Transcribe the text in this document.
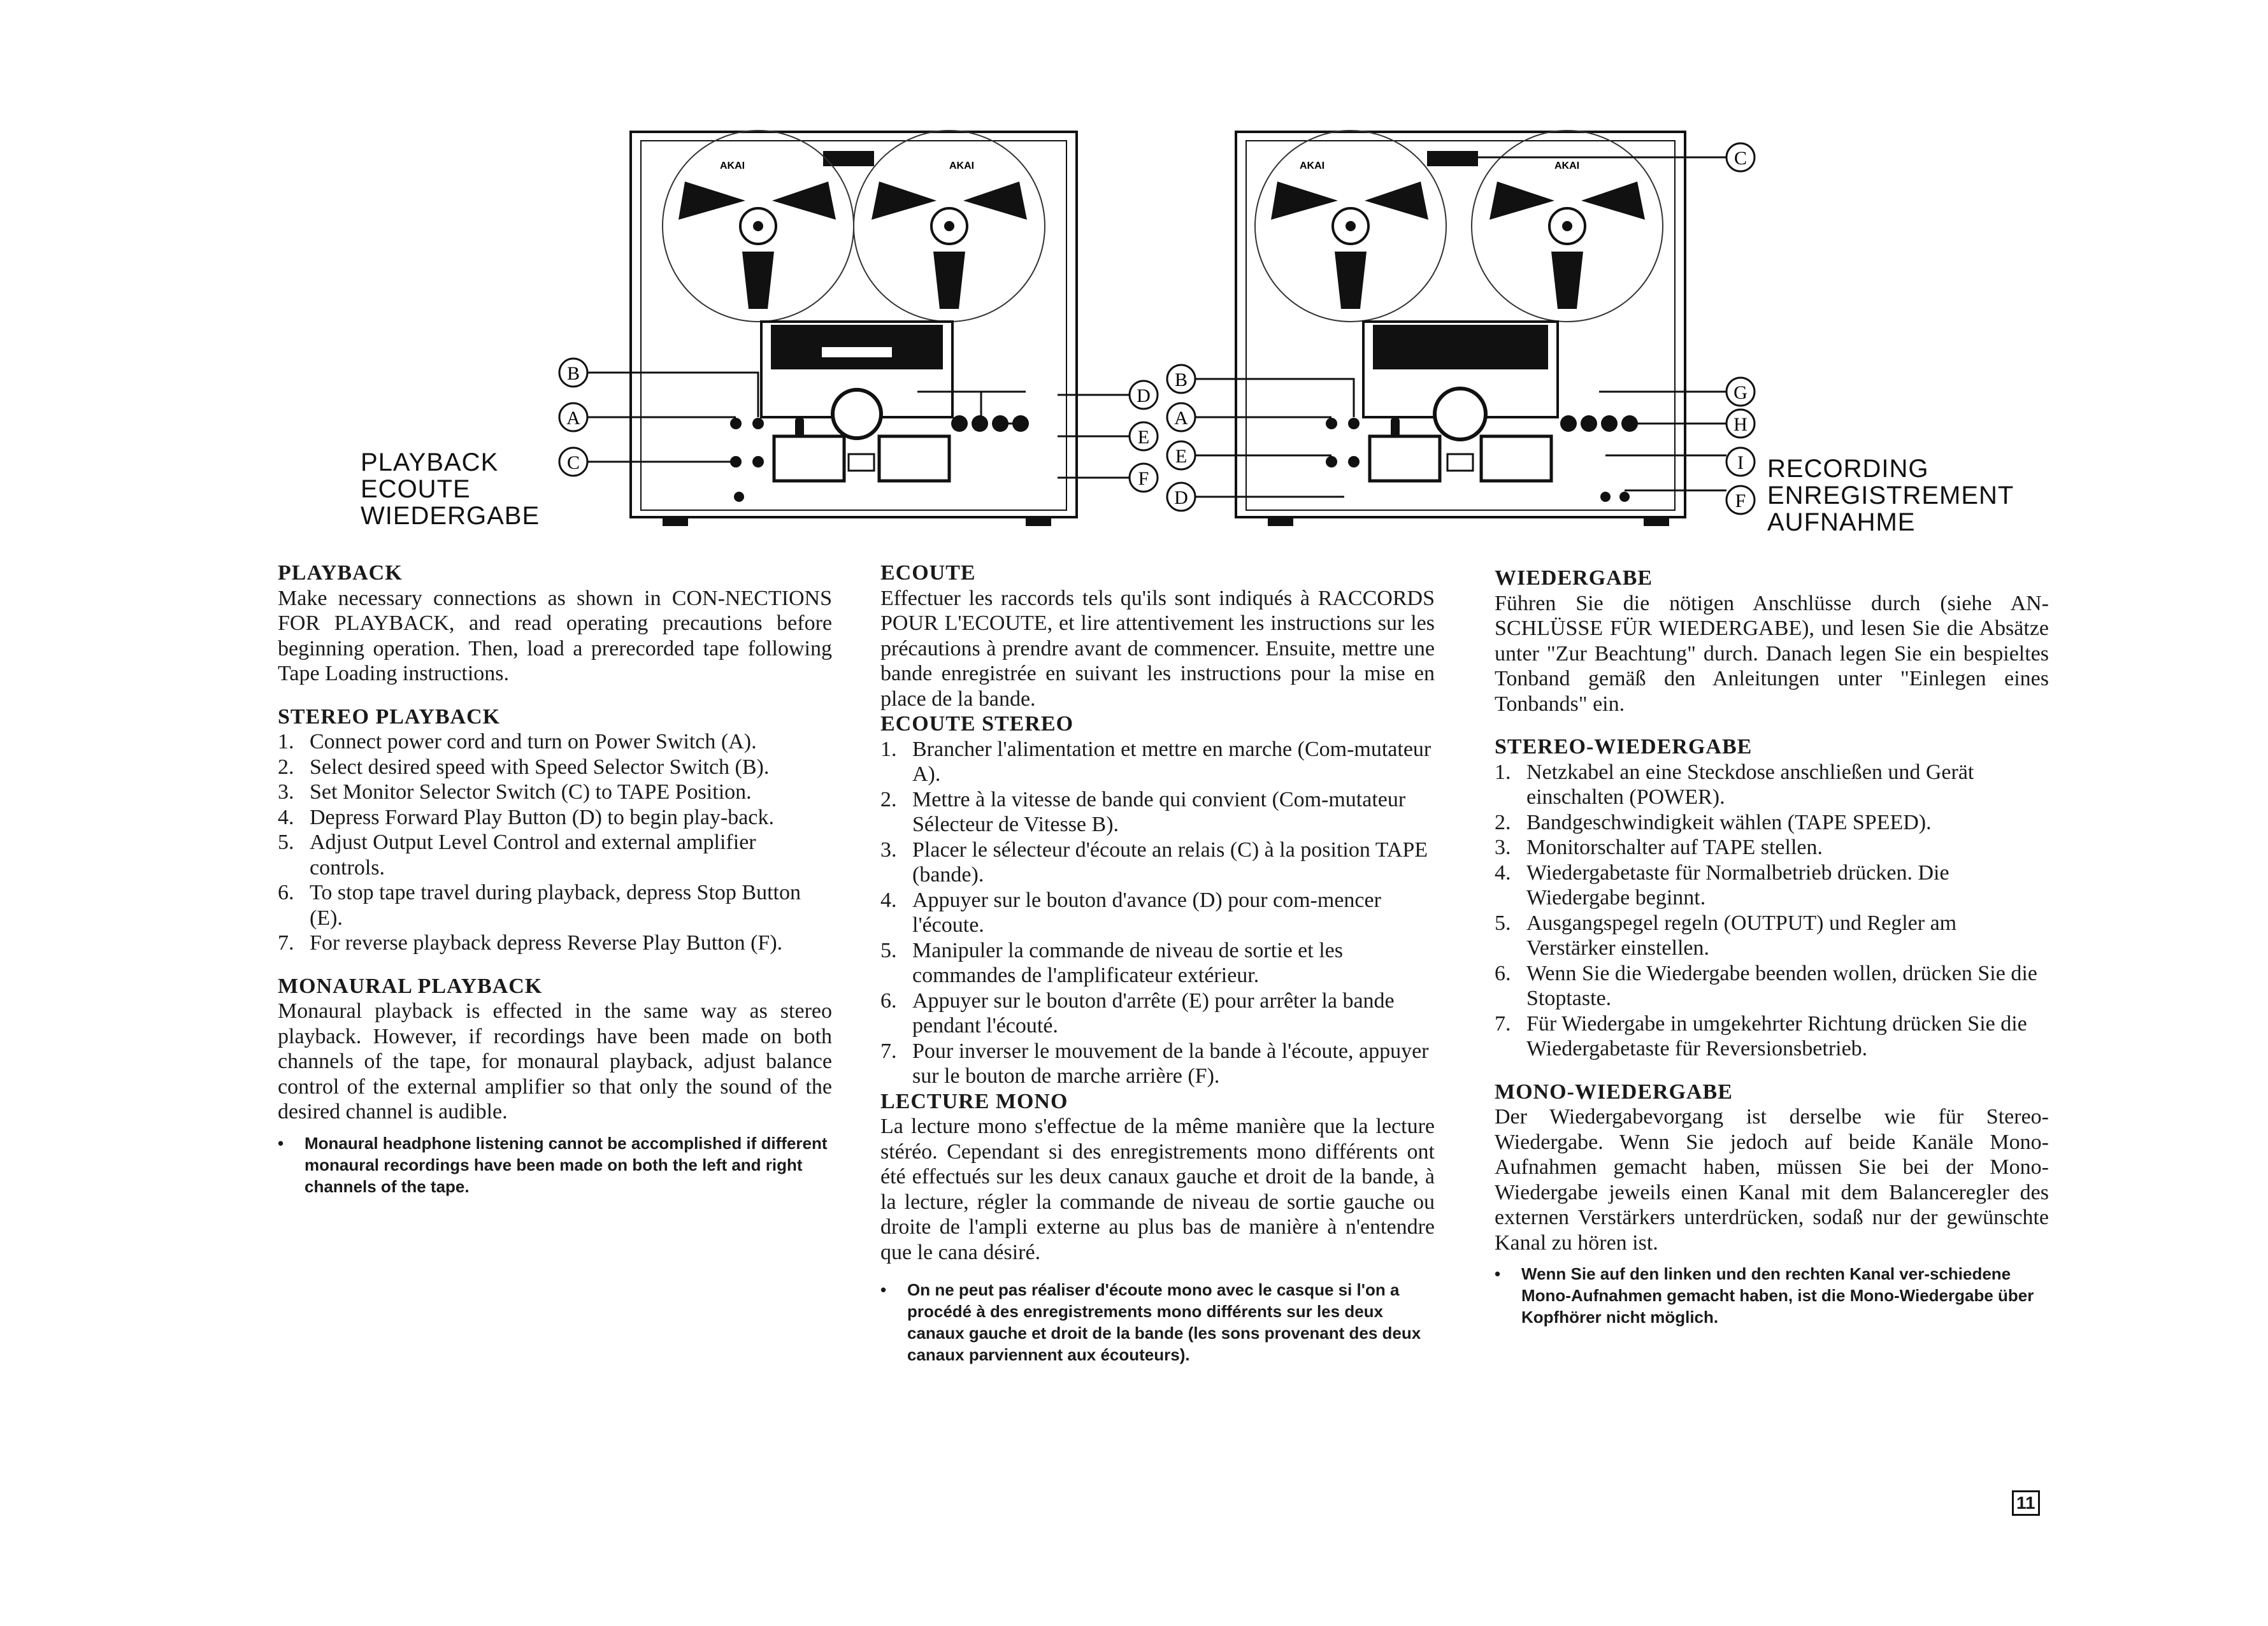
PLAYBACK
ECOUTE
WIEDERGABE
RECORDING
ENREGISTREMENT
AUFNAHME
AKAI	AKAI
B
A
C
D
E
F
AKAI	AKAI	C
B
A
E
D
G
H
I
F
PLAYBACK

Make necessary connections as shown in CON-NECTIONS FOR PLAYBACK, and read operating precautions before beginning operation. Then, load a prerecorded tape following Tape Loading instructions.

STEREO PLAYBACK
1. Connect power cord and turn on Power Switch (A).
2. Select desired speed with Speed Selector Switch (B).
3. Set Monitor Selector Switch (C) to TAPE Position.
4. Depress Forward Play Button (D) to begin play-back.
5. Adjust Output Level Control and external amplifier controls.
6. To stop tape travel during playback, depress Stop Button (E).
7. For reverse playback depress Reverse Play Button (F).
MONAURAL PLAYBACK

Monaural playback is effected in the same way as stereo playback. However, if recordings have been made on both channels of the tape, for monaural playback, adjust balance control of the external amplifier so that only the sound of the desired channel is audible.

• Monaural headphone listening cannot be accomplished if different monaural recordings have been made on both the left and right channels of the tape.
ECOUTE

Effectuer les raccords tels qu'ils sont indiqués à RACCORDS POUR L'ECOUTE, et lire attentivement les instructions sur les précautions à prendre avant de commencer. Ensuite, mettre une bande enregistrée en suivant les instructions pour la mise en place de la bande.

ECOUTE STEREO
1. Brancher l'alimentation et mettre en marche (Com-mutateur A).
2. Mettre à la vitesse de bande qui convient (Com-mutateur Sélecteur de Vitesse B).
3. Placer le sélecteur d'écoute an relais (C) à la position TAPE (bande).
4. Appuyer sur le bouton d'avance (D) pour com-mencer l'écoute.
5. Manipuler la commande de niveau de sortie et les commandes de l'amplificateur extérieur.
6. Appuyer sur le bouton d'arrête (E) pour arrêter la bande pendant l'écouté.
7. Pour inverser le mouvement de la bande à l'écoute, appuyer sur le bouton de marche arrière (F).
LECTURE MONO

La lecture mono s'effectue de la même manière que la lecture stéréo. Cependant si des enregistrements mono différents ont été effectués sur les deux canaux gauche et droit de la bande, à la lecture, régler la commande de niveau de sortie gauche ou droite de l'ampli externe au plus bas de manière à n'entendre que le cana désiré.

• On ne peut pas réaliser d'écoute mono avec le casque si l'on a procédé à des enregistrements mono différents sur les deux canaux gauche et droit de la bande (les sons provenant des deux canaux parviennent aux écouteurs).
WIEDERGABE

Führen Sie die nötigen Anschlüsse durch (siehe AN-SCHLÜSSE FÜR WIEDERGABE), und lesen Sie die Absätze unter "Zur Beachtung" durch. Danach legen Sie ein bespieltes Tonband gemäß den Anleitungen unter "Einlegen eines Tonbands" ein.

STEREO-WIEDERGABE
1. Netzkabel an eine Steckdose anschließen und Gerät einschalten (POWER).
2. Bandgeschwindigkeit wählen (TAPE SPEED).
3. Monitorschalter auf TAPE stellen.
4. Wiedergabetaste für Normalbetrieb drücken. Die Wiedergabe beginnt.
5. Ausgangspegel regeln (OUTPUT) und Regler am Verstärker einstellen.
6. Wenn Sie die Wiedergabe beenden wollen, drücken Sie die Stoptaste.
7. Für Wiedergabe in umgekehrter Richtung drücken Sie die Wiedergabetaste für Reversionsbetrieb.
MONO-WIEDERGABE

Der Wiedergabevorgang ist derselbe wie für Stereo-Wiedergabe. Wenn Sie jedoch auf beide Kanäle Mono-Aufnahmen gemacht haben, müssen Sie bei der Mono-Wiedergabe jeweils einen Kanal mit dem Balanceregler des externen Verstärkers unterdrücken, sodaß nur der gewünschte Kanal zu hören ist.

• Wenn Sie auf den linken und den rechten Kanal ver-schiedene Mono-Aufnahmen gemacht haben, ist die Mono-Wiedergabe über Kopfhörer nicht möglich.
11
